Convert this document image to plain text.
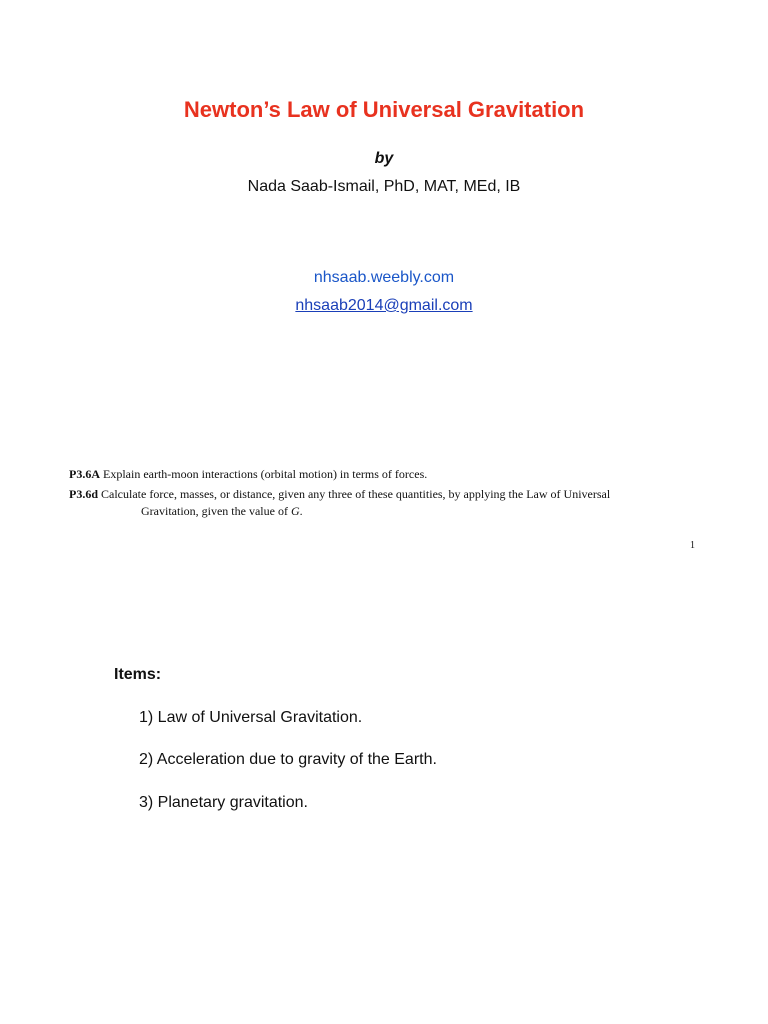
Newton’s Law of Universal Gravitation
by
Nada Saab-Ismail, PhD, MAT, MEd, IB
nhsaab.weebly.com
nhsaab2014@gmail.com
P3.6A Explain earth-moon interactions (orbital motion) in terms of forces.
P3.6d Calculate force, masses, or distance, given any three of these quantities, by applying the Law of Universal
Gravitation, given the value of G.
1
Items:
1) Law of Universal Gravitation.
2) Acceleration due to gravity of the Earth.
3) Planetary gravitation.
